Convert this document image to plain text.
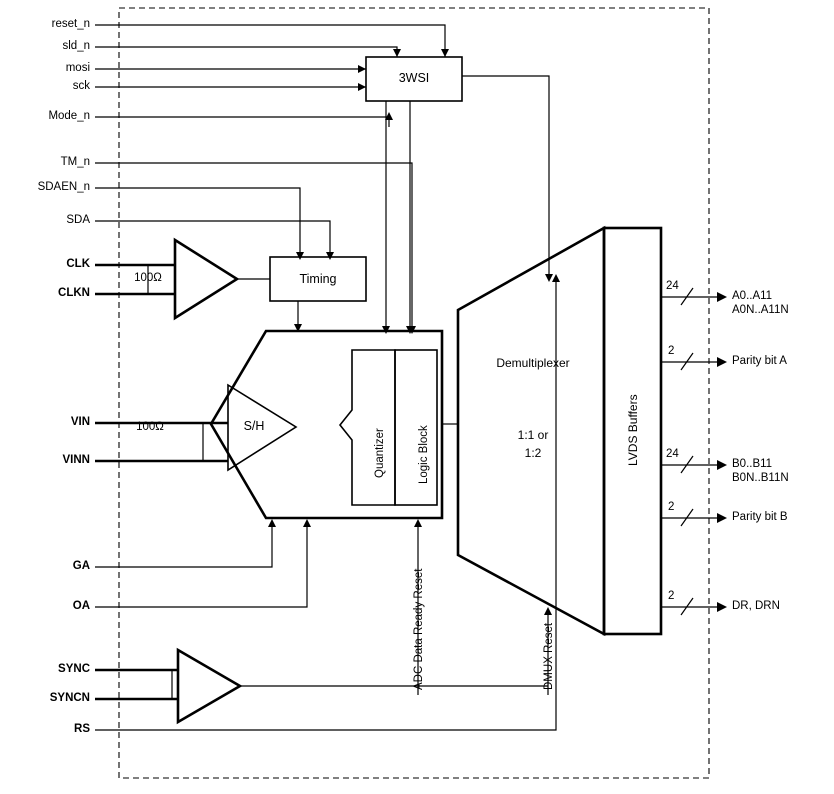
reset_n
sld_n
mosi
sck
Mode_n
TM_n
SDAEN_n
SDA
CLK
CLKN
VIN
VINN
GA
OA
SYNC
SYNCN
RS
3WSI
Timing
S/H
Quantizer	Logic Block
Demultiplexer
1:1 or
1:2	LVDS Buffers
100Ω
100Ω
ADC Data Ready Reset	DMUX Reset
24
A0..A11
A0N..A11N
2
Parity bit A
24
B0..B11
B0N..B11N
2
Parity bit B
2
DR, DRN
